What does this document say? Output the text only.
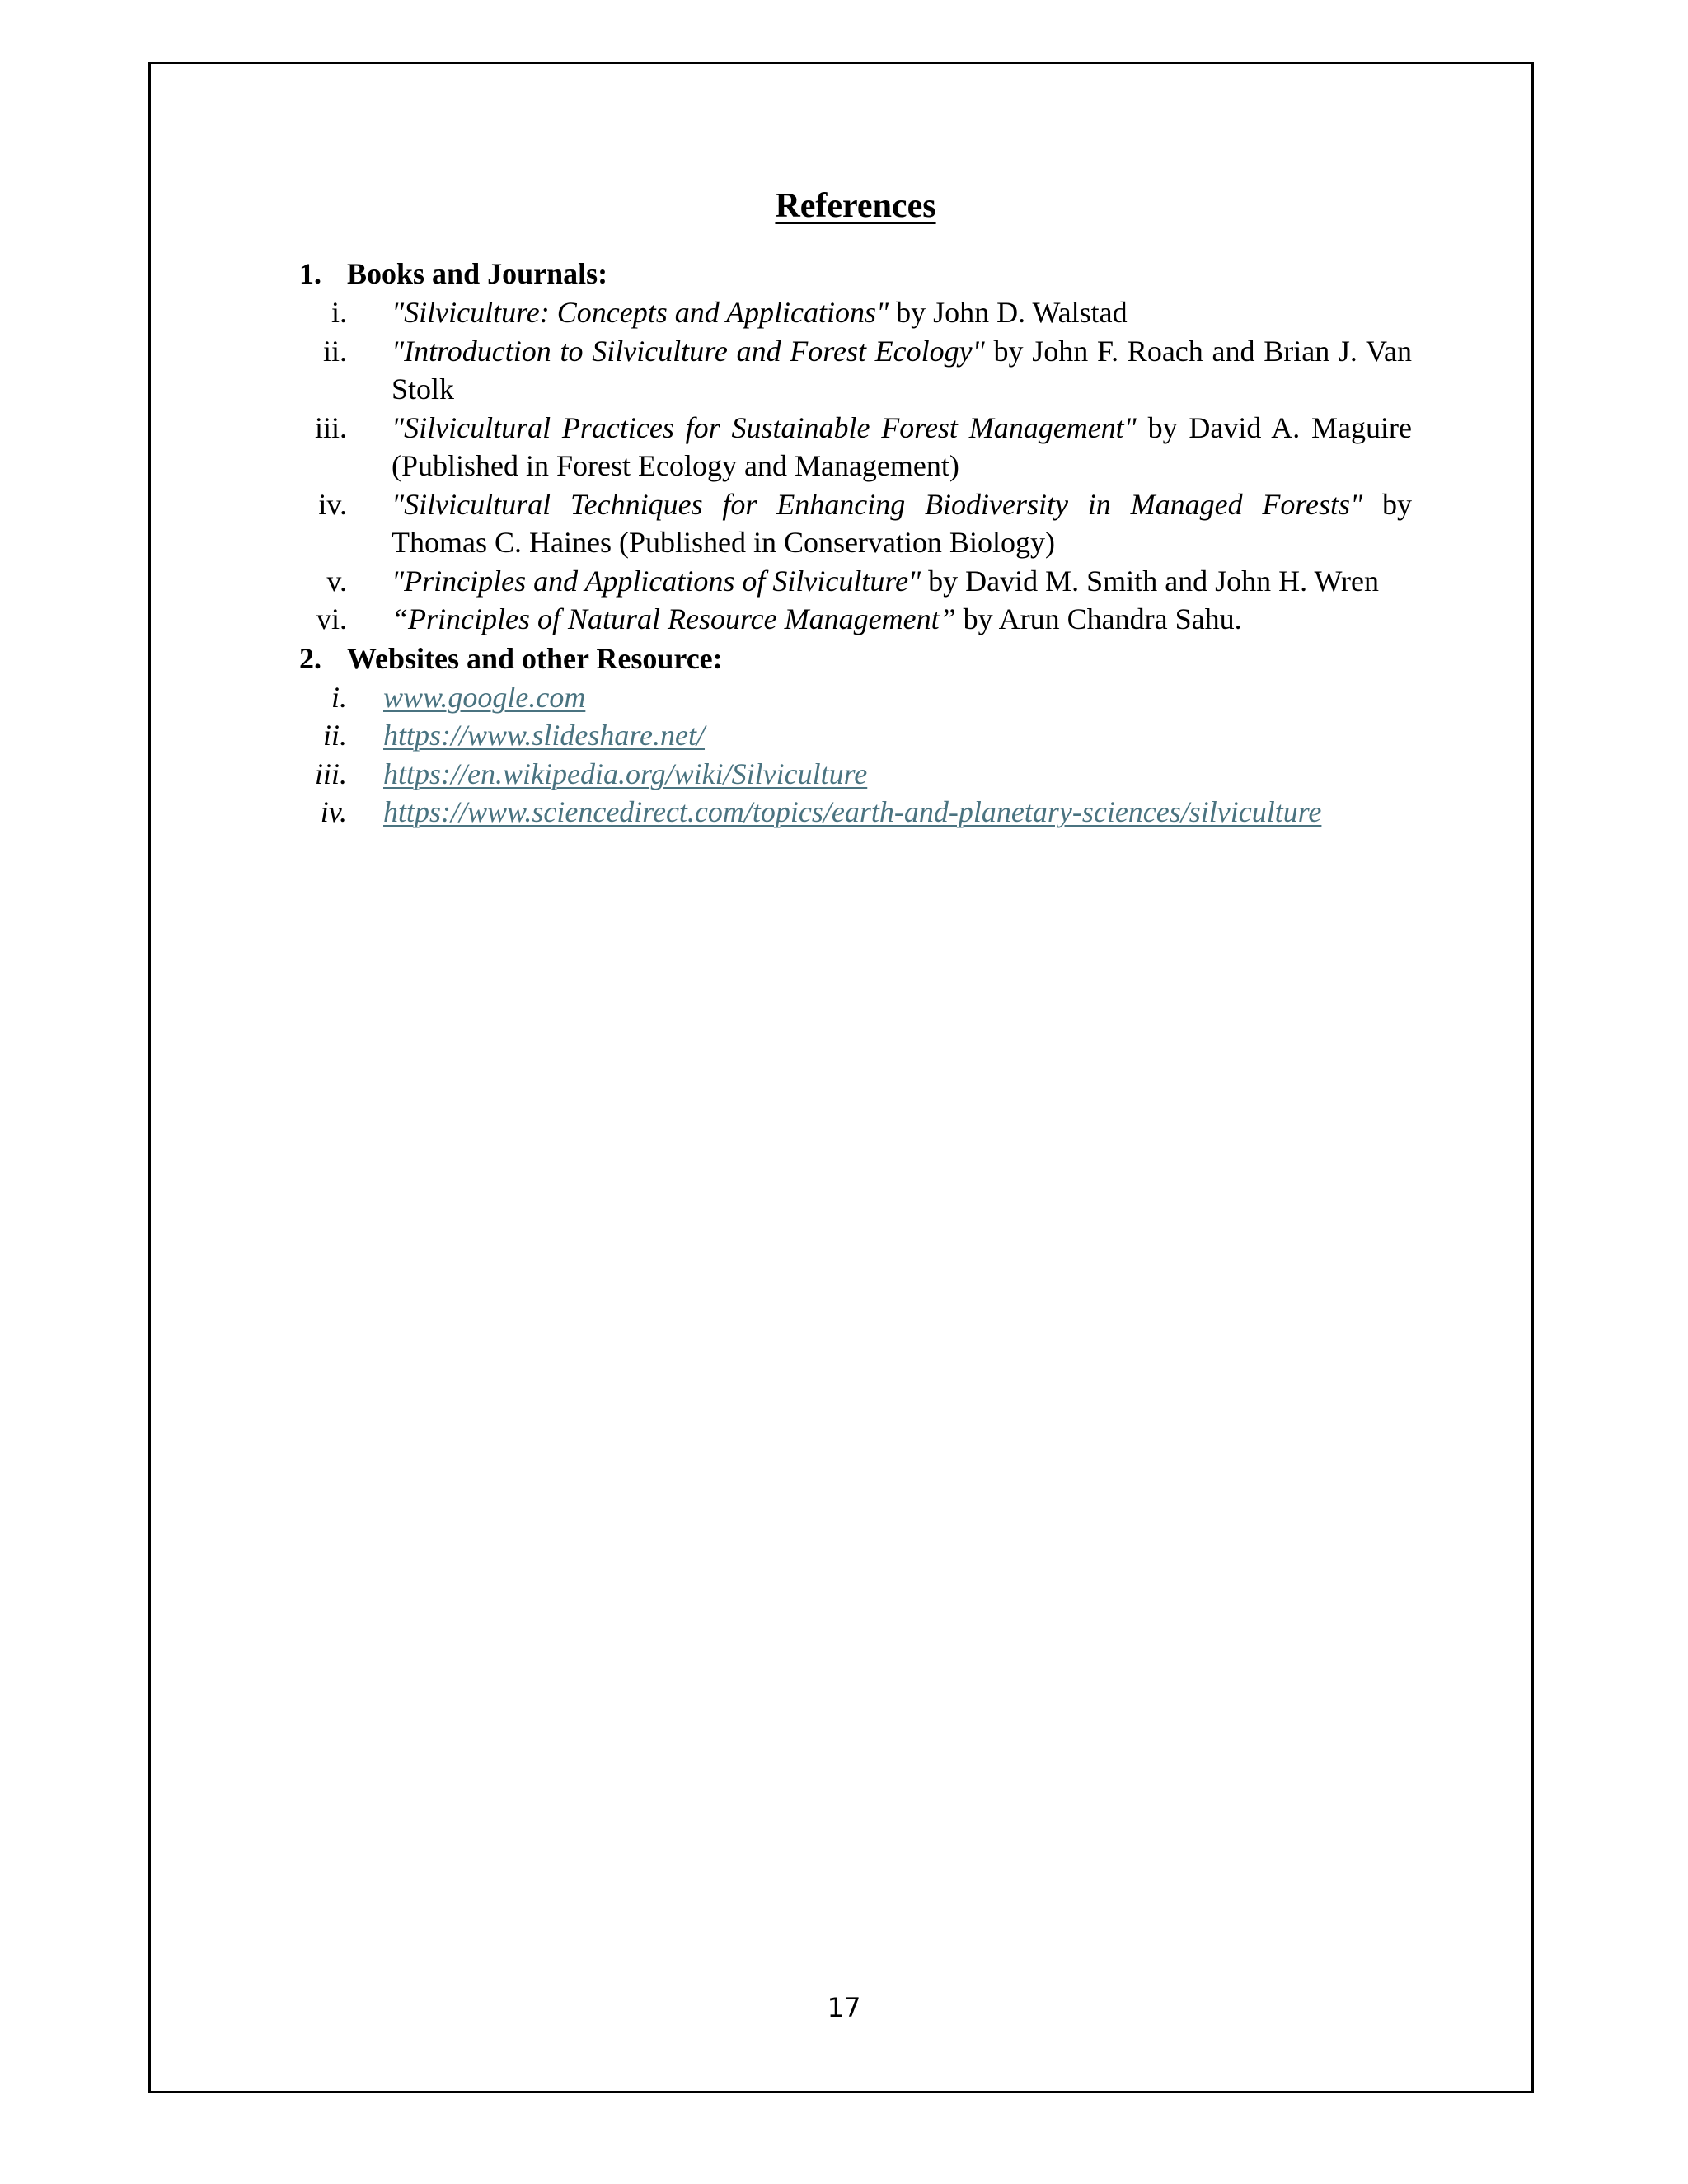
References
1. Books and Journals:
i. "Silviculture: Concepts and Applications" by John D. Walstad
ii. "Introduction to Silviculture and Forest Ecology" by John F. Roach and Brian J. Van Stolk
iii. "Silvicultural Practices for Sustainable Forest Management" by David A. Maguire (Published in Forest Ecology and Management)
iv. "Silvicultural Techniques for Enhancing Biodiversity in Managed Forests" by Thomas C. Haines (Published in Conservation Biology)
v. "Principles and Applications of Silviculture" by David M. Smith and John H. Wren
vi. “Principles of Natural Resource Management” by Arun Chandra Sahu.
2. Websites and other Resource:
i. www.google.com
ii. https://www.slideshare.net/
iii. https://en.wikipedia.org/wiki/Silviculture
iv. https://www.sciencedirect.com/topics/earth-and-planetary-sciences/silviculture
17
